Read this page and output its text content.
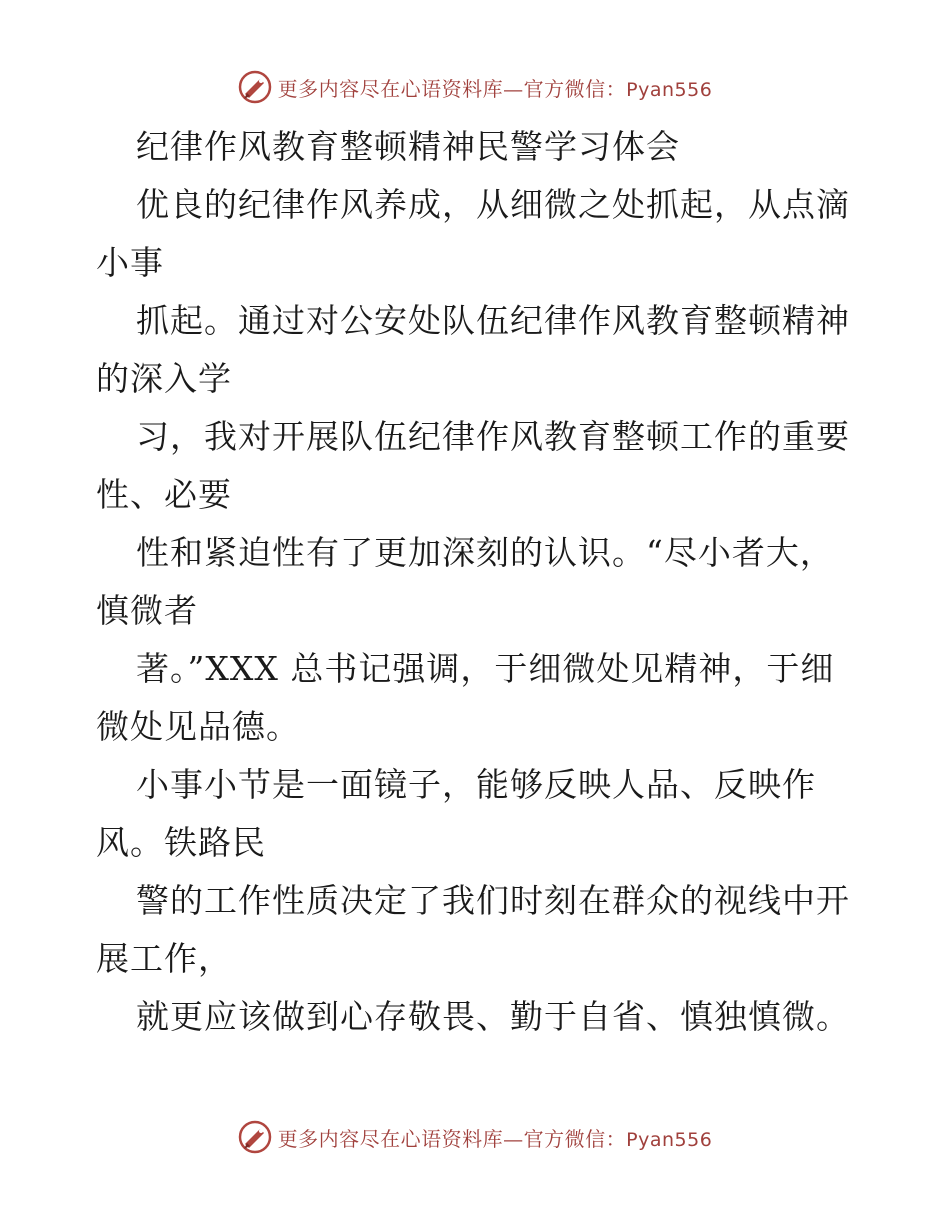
更多内容尽在心语资料库—官方微信：Pyan556
纪律作风教育整顿精神民警学习体会
优良的纪律作风养成，从细微之处抓起，从点滴
小事
抓起。通过对公安处队伍纪律作风教育整顿精神
的深入学
习，我对开展队伍纪律作风教育整顿工作的重要
性、必要
性和紧迫性有了更加深刻的认识。“尽小者大，
慎微者
著。”XXX 总书记强调，于细微处见精神，于细
微处见品德。
小事小节是一面镜子，能够反映人品、反映作
风。铁路民
警的工作性质决定了我们时刻在群众的视线中开
展工作，
就更应该做到心存敬畏、勤于自省、慎独慎微。
更多内容尽在心语资料库—官方微信：Pyan556
